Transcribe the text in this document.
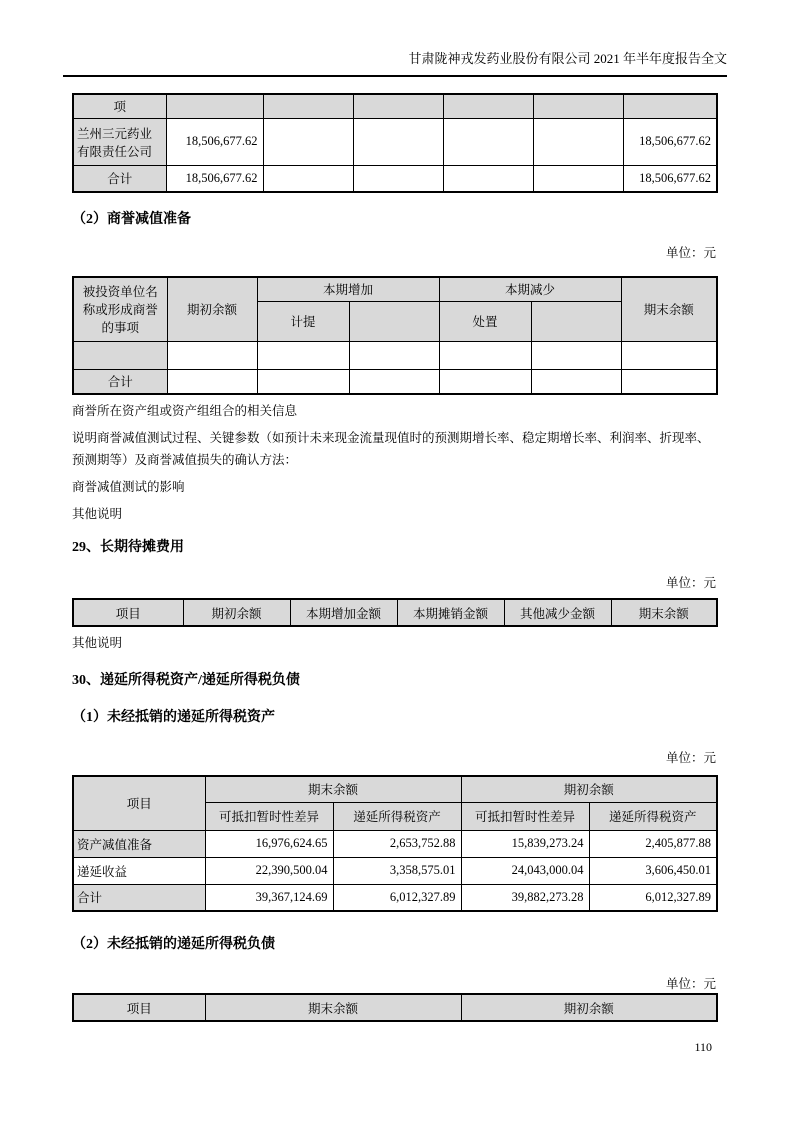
甘肃陇神戎发药业股份有限公司 2021 年半年度报告全文
项						
兰州三元药业有限责任公司	18,506,677.62					18,506,677.62
合计	18,506,677.62					18,506,677.62
（2）商誉减值准备
单位：元
被投资单位名称或形成商誉的事项	期初余额	本期增加		本期减少		期末余额
		计提		处置		

合计						

商誉所在资产组或资产组组合的相关信息

说明商誉减值测试过程、关键参数（如预计未来现金流量现值时的预测期增长率、稳定期增长率、利润率、折现率、预测期等）及商誉减值损失的确认方法：

商誉减值测试的影响

其他说明

29、长期待摊费用
单位：元
项目	期初余额	本期增加金额	本期摊销金额	其他减少金额	期末余额

其他说明

30、递延所得税资产/递延所得税负债
（1）未经抵销的递延所得税资产
单位：元
项目	期末余额		期初余额	
	可抵扣暂时性差异	递延所得税资产	可抵扣暂时性差异	递延所得税资产
资产减值准备	16,976,624.65	2,653,752.88	15,839,273.24	2,405,877.88
递延收益	22,390,500.04	3,358,575.01	24,043,000.04	3,606,450.01
合计	39,367,124.69	6,012,327.89	39,882,273.28	6,012,327.89
（2）未经抵销的递延所得税负债
单位：元
项目	期末余额	期初余额
110
